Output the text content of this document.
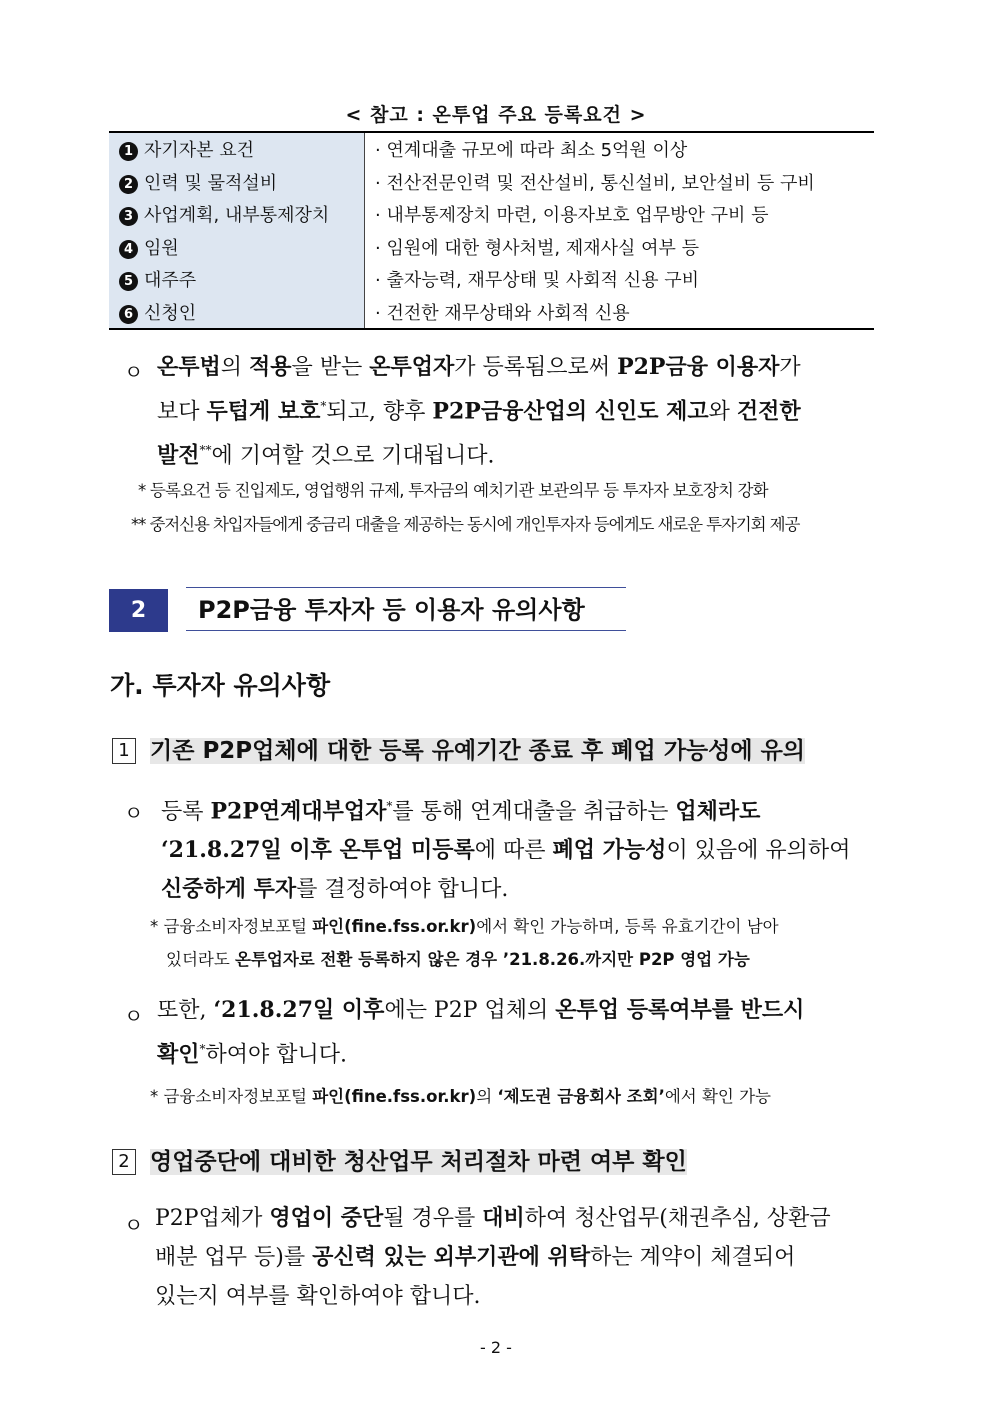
< 참고 : 온투업 주요 등록요건 >
1 자기자본 요건	· 연계대출 규모에 따라 최소 5억원 이상
2 인력 및 물적설비	· 전산전문인력 및 전산설비, 통신설비, 보안설비 등 구비
3 사업계획, 내부통제장치	· 내부통제장치 마련, 이용자보호 업무방안 구비 등
4 임원	· 임원에 대한 형사처벌, 제재사실 여부 등
5 대주주	· 출자능력, 재무상태 및 사회적 신용 구비
6 신청인	· 건전한 재무상태와 사회적 신용
ㅇ 온투법의 적용을 받는 온투업자가 등록됨으로써 P2P금융 이용자가
보다 두텁게 보호*되고, 향후 P2P금융산업의 신인도 제고와 건전한
발전**에 기여할 것으로 기대됩니다.
* 등록요건 등 진입제도, 영업행위 규제, 투자금의 예치기관 보관의무 등 투자자 보호장치 강화
** 중저신용 차입자들에게 중금리 대출을 제공하는 동시에 개인투자자 등에게도 새로운 투자기회 제공
2	P2P금융 투자자 등 이용자 유의사항
가. 투자자 유의사항
1 기존 P2P업체에 대한 등록 유예기간 종료 후 폐업 가능성에 유의
ㅇ 등록 P2P연계대부업자*를 통해 연계대출을 취급하는 업체라도
‘21.8.27일 이후 온투업 미등록에 따른 폐업 가능성이 있음에 유의하여
신중하게 투자를 결정하여야 합니다.
* 금융소비자정보포털 파인(fine.fss.or.kr)에서 확인 가능하며, 등록 유효기간이 남아
있더라도 온투업자로 전환 등록하지 않은 경우 ’21.8.26.까지만 P2P 영업 가능
ㅇ 또한, ‘21.8.27일 이후에는 P2P 업체의 온투업 등록여부를 반드시
확인*하여야 합니다.
* 금융소비자정보포털 파인(fine.fss.or.kr)의 ‘제도권 금융회사 조회’에서 확인 가능
2 영업중단에 대비한 청산업무 처리절차 마련 여부 확인
ㅇ P2P업체가 영업이 중단될 경우를 대비하여 청산업무(채권추심, 상환금
배분 업무 등)를 공신력 있는 외부기관에 위탁하는 계약이 체결되어
있는지 여부를 확인하여야 합니다.
- 2 -
